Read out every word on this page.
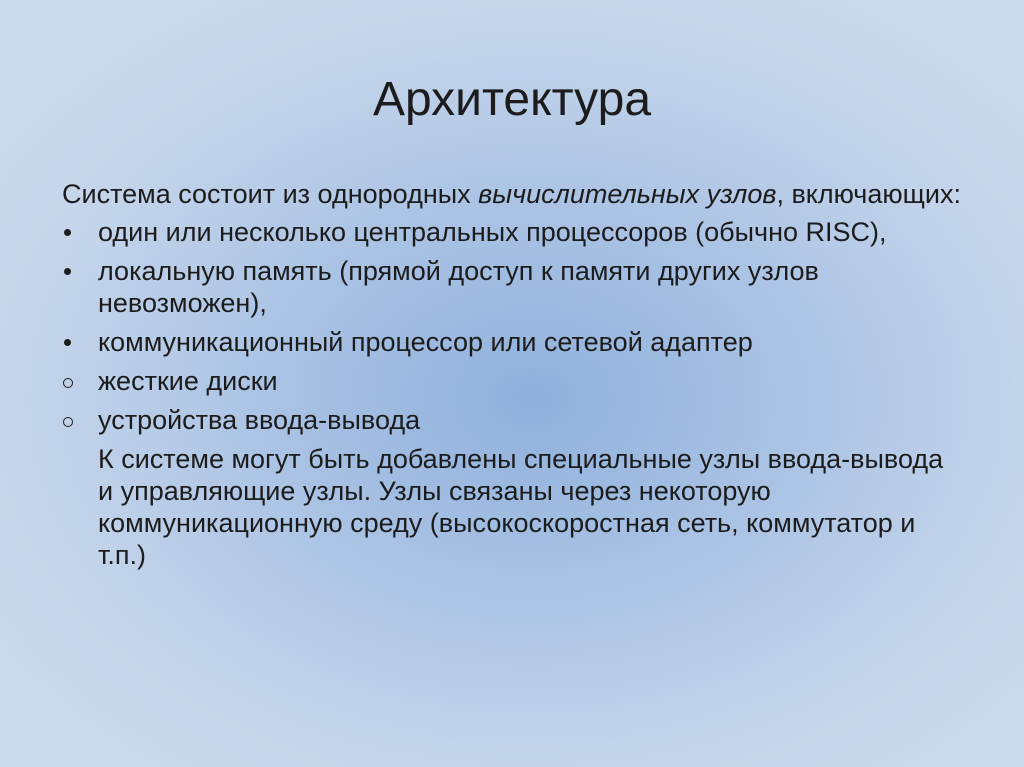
Архитектура

Система состоит из однородных вычислительных узлов, включающих:

один или несколько центральных процессоров (обычно RISC),
локальную память (прямой доступ к памяти других узлов невозможен),
коммуникационный процессор или сетевой адаптер
жесткие диски
устройства ввода-вывода

К системе могут быть добавлены специальные узлы ввода-вывода и управляющие узлы. Узлы связаны через некоторую коммуникационную среду (высокоскоростная сеть, коммутатор и т.п.)
